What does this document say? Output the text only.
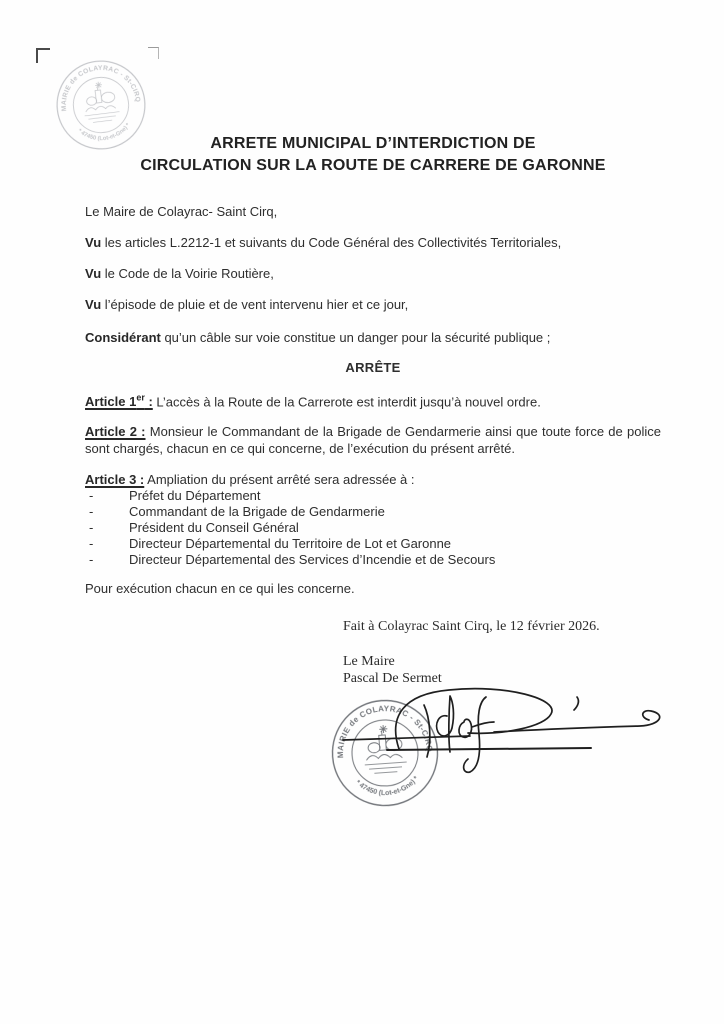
MAIRIE de COLAYRAC - St-CIRQ
* 47450 (Lot-et-Gne) *
ARRETE MUNICIPAL D’INTERDICTION DE
CIRCULATION SUR LA ROUTE DE CARRERE DE GARONNE

Le Maire de Colayrac- Saint Cirq,

Vu les articles L.2212-1 et suivants du Code Général des Collectivités Territoriales,

Vu le Code de la Voirie Routière,

Vu l’épisode de pluie et de vent intervenu hier et ce jour,

Considérant qu’un câble sur voie constitue un danger pour la sécurité publique ;

ARRÊTE

Article 1er : L’accès à la Route de la Carrerote est interdit jusqu’à nouvel ordre.

Article 2 : Monsieur le Commandant de la Brigade de Gendarmerie ainsi que toute force de police sont chargés, chacun en ce qui concerne, de l’exécution du présent arrêté.

Article 3 : Ampliation du présent arrêté sera adressée à :

-	Préfet du Département
-	Commandant de la Brigade de Gendarmerie
-	Président du Conseil Général
-	Directeur Départemental du Territoire de Lot et Garonne
-	Directeur Départemental des Services d’Incendie et de Secours

Pour exécution chacun en ce qui les concerne.

Fait à Colayrac Saint Cirq, le 12 février 2026.
Le Maire
Pascal De Sermet
MAIRIE de COLAYRAC - St-CIRQ
* 47450 (Lot-et-Gne) *
